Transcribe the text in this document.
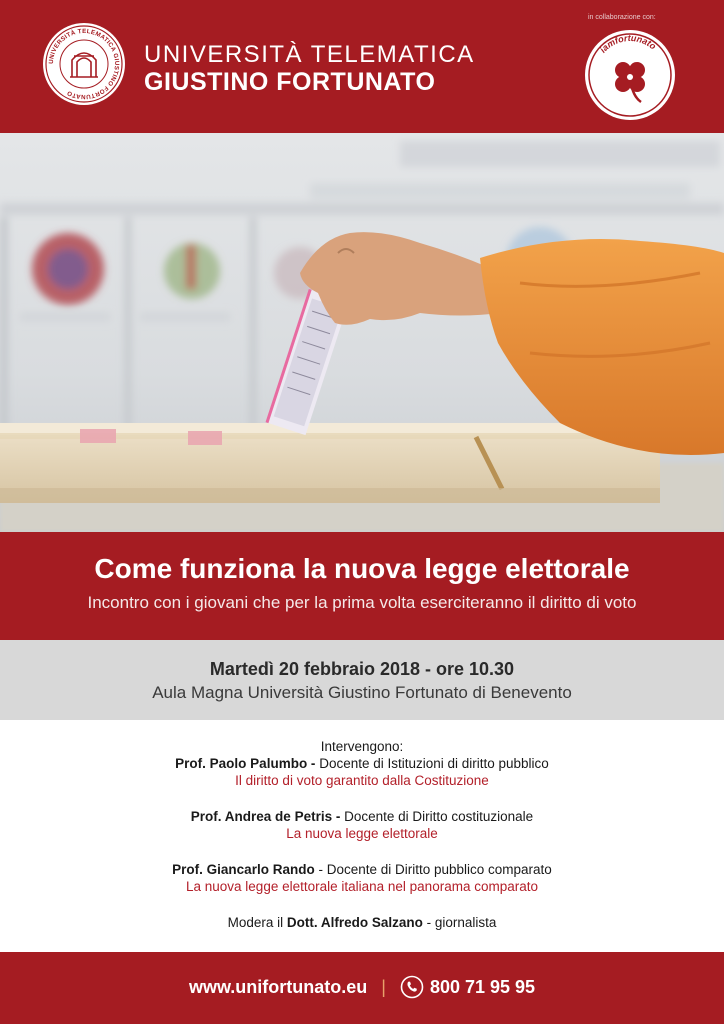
UNIVERSITÀ TELEMATICA GIUSTINO FORTUNATO
UNIVERSITÀ TELEMATICA
GIUSTINO FORTUNATO
in collaborazione con:
iamfortunato
Come funziona la nuova legge elettorale
Incontro con i giovani che per la prima volta eserciteranno il diritto di voto
Martedì 20 febbraio 2018 - ore 10.30
Aula Magna Università Giustino Fortunato di Benevento
Intervengono:
Prof. Paolo Palumbo - Docente di Istituzioni di diritto pubblico
Il diritto di voto garantito dalla Costituzione
Prof. Andrea de Petris - Docente di Diritto costituzionale
La nuova legge elettorale
Prof. Giancarlo Rando - Docente di Diritto pubblico comparato
La nuova legge elettorale italiana nel panorama comparato
Modera il Dott. Alfredo Salzano - giornalista
www.unifortunato.eu | 800 71 95 95
